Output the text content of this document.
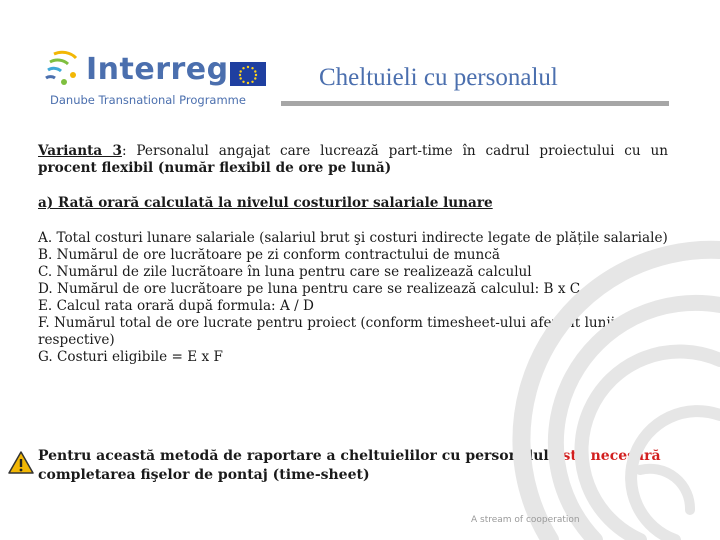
Interreg
Danube Transnational Programme
Cheltuieli cu personalul

Varianta 3: Personalul angajat care lucrează part-time în cadrul proiectului cu un procent flexibil (număr flexibil de ore pe lună)

a) Rată orară calculată la nivelul costurilor salariale lunare

A. Total costuri lunare salariale (salariul brut şi costuri indirecte legate de plățile salariale)

B. Numărul de ore lucrătoare pe zi conform contractului de muncă

C. Numărul de zile lucrătoare în luna pentru care se realizează calculul

D. Numărul de ore lucrătoare pe luna pentru care se realizează calculul: B x C

E. Calcul rata orară după formula: A / D

F. Numărul total de ore lucrate pentru proiect (conform timesheet-ului aferent lunii respective)

G. Costuri eligibile = E x F

Pentru această metodă de raportare a cheltuielilor cu personalul este necesară completarea fişelor de pontaj (time-sheet)
A stream of cooperation
